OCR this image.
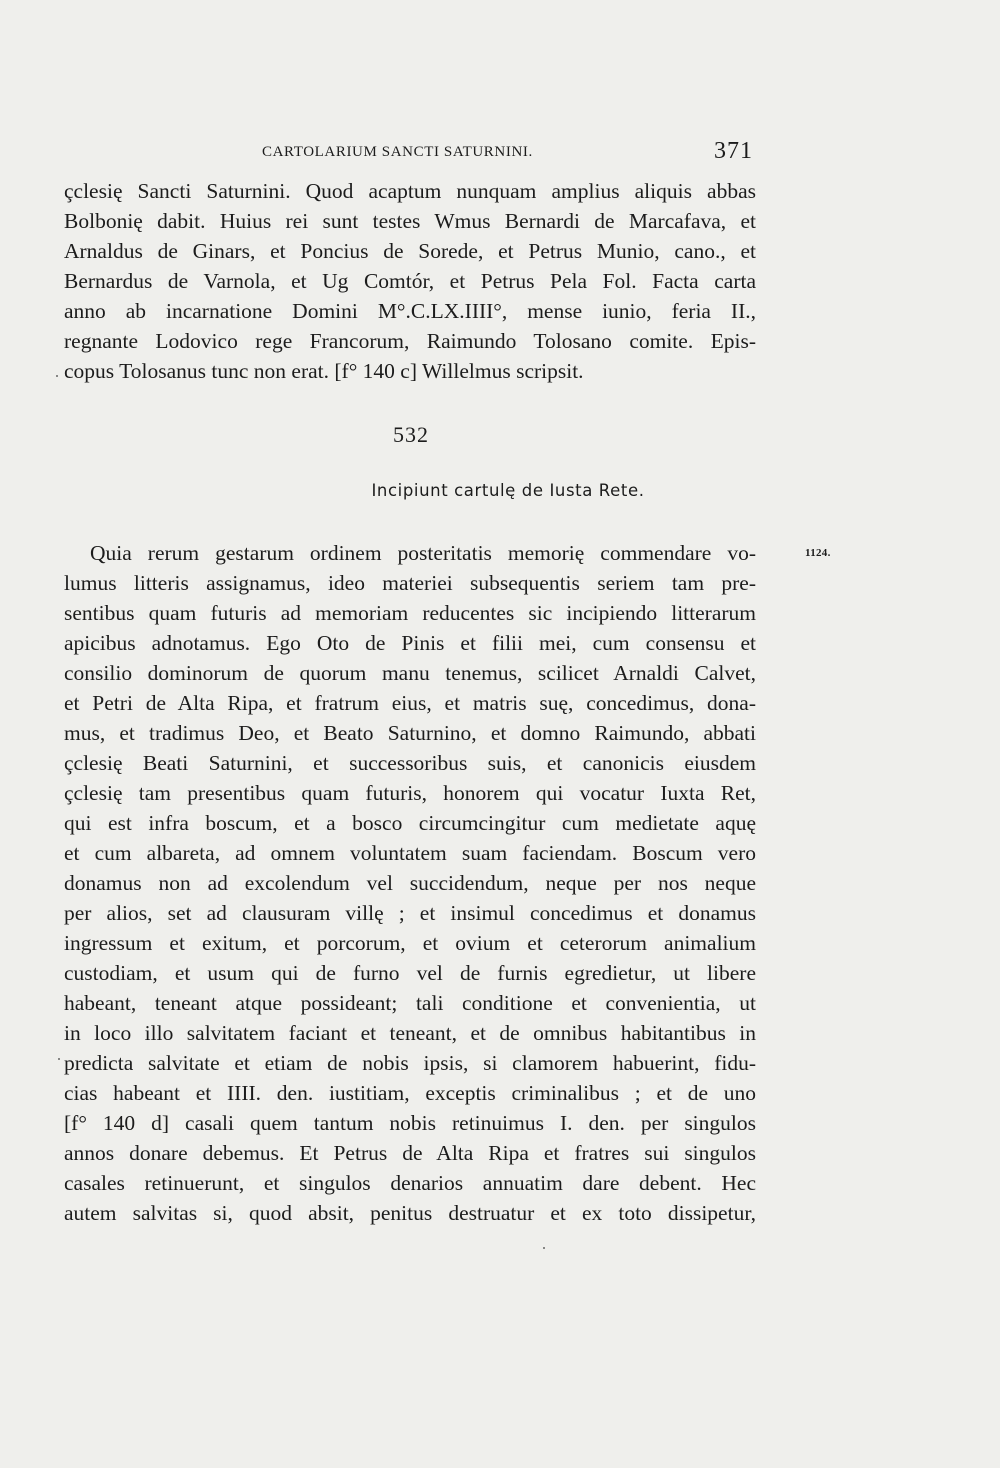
CARTOLARIUM SANCTI SATURNINI.	371
çclesię Sancti Saturnini. Quod acaptum nunquam amplius aliquis abbas
Bolbonię dabit. Huius rei sunt testes Wmus Bernardi de Marcafava, et
Arnaldus de Ginars, et Poncius de Sorede, et Petrus Munio, cano., et
Bernardus de Varnola, et Ug Comtór, et Petrus Pela Fol. Facta carta
anno ab incarnatione Domini M°.C.LX.IIII°, mense iunio, feria II.,
regnante Lodovico rege Francorum, Raimundo Tolosano comite. Epis-
copus Tolosanus tunc non erat. [f° 140 c] Willelmus scripsit.
532
Incipiunt cartulę de Iusta Rete.
1124.
Quia rerum gestarum ordinem posteritatis memorię commendare vo-
lumus litteris assignamus, ideo materiei subsequentis seriem tam pre-
sentibus quam futuris ad memoriam reducentes sic incipiendo litterarum
apicibus adnotamus. Ego Oto de Pinis et filii mei, cum consensu et
consilio dominorum de quorum manu tenemus, scilicet Arnaldi Calvet,
et Petri de Alta Ripa, et fratrum eius, et matris suę, concedimus, dona-
mus, et tradimus Deo, et Beato Saturnino, et domno Raimundo, abbati
çclesię Beati Saturnini, et successoribus suis, et canonicis eiusdem
çclesię tam presentibus quam futuris, honorem qui vocatur Iuxta Ret,
qui est infra boscum, et a bosco circumcingitur cum medietate aquę
et cum albareta, ad omnem voluntatem suam faciendam. Boscum vero
donamus non ad excolendum vel succidendum, neque per nos neque
per alios, set ad clausuram villę ; et insimul concedimus et donamus
ingressum et exitum, et porcorum, et ovium et ceterorum animalium
custodiam, et usum qui de furno vel de furnis egredietur, ut libere
habeant, teneant atque possideant; tali conditione et convenientia, ut
in loco illo salvitatem faciant et teneant, et de omnibus habitantibus in
predicta salvitate et etiam de nobis ipsis, si clamorem habuerint, fidu-
cias habeant et IIII. den. iustitiam, exceptis criminalibus ; et de uno
[f° 140 d] casali quem tantum nobis retinuimus I. den. per singulos
annos donare debemus. Et Petrus de Alta Ripa et fratres sui singulos
casales retinuerunt, et singulos denarios annuatim dare debent. Hec
autem salvitas si, quod absit, penitus destruatur et ex toto dissipetur,
